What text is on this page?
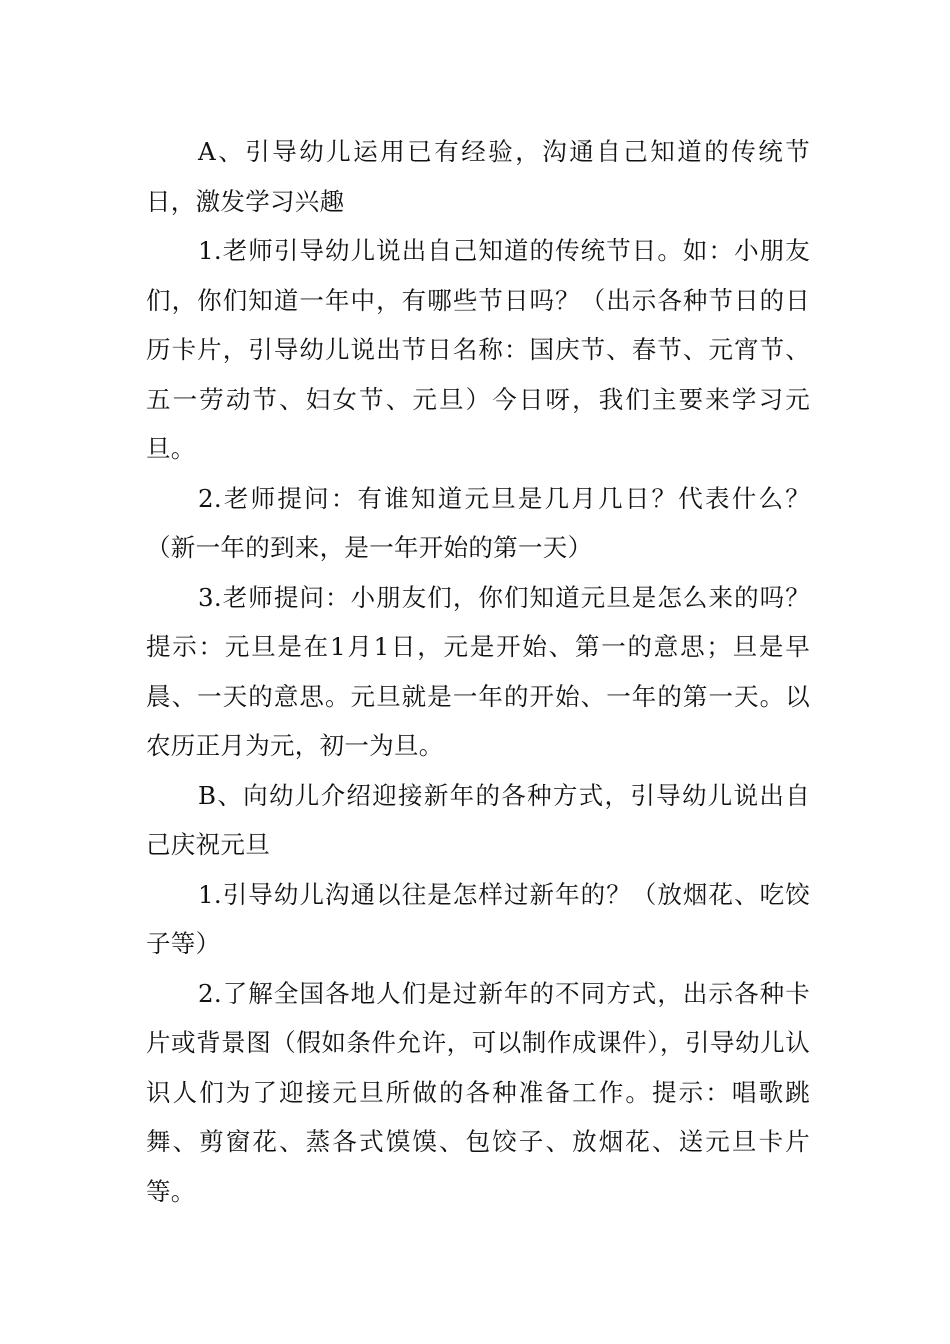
A、引导幼儿运用已有经验，沟通自己知道的传统节日，激发学习兴趣

1.老师引导幼儿说出自己知道的传统节日。如：小朋友们，你们知道一年中，有哪些节日吗？（出示各种节日的日历卡片，引导幼儿说出节日名称：国庆节、春节、元宵节、五一劳动节、妇女节、元旦）今日呀，我们主要来学习元旦。

2.老师提问：有谁知道元旦是几月几日？代表什么？（新一年的到来，是一年开始的第一天）

3.老师提问：小朋友们，你们知道元旦是怎么来的吗？提示：元旦是在1月1日，元是开始、第一的意思；旦是早晨、一天的意思。元旦就是一年的开始、一年的第一天。以农历正月为元，初一为旦。

B、向幼儿介绍迎接新年的各种方式，引导幼儿说出自己庆祝元旦

1.引导幼儿沟通以往是怎样过新年的？（放烟花、吃饺子等）

2.了解全国各地人们是过新年的不同方式，出示各种卡片或背景图（假如条件允许，可以制作成课件），引导幼儿认识人们为了迎接元旦所做的各种准备工作。提示：唱歌跳舞、剪窗花、蒸各式馍馍、包饺子、放烟花、送元旦卡片等。
